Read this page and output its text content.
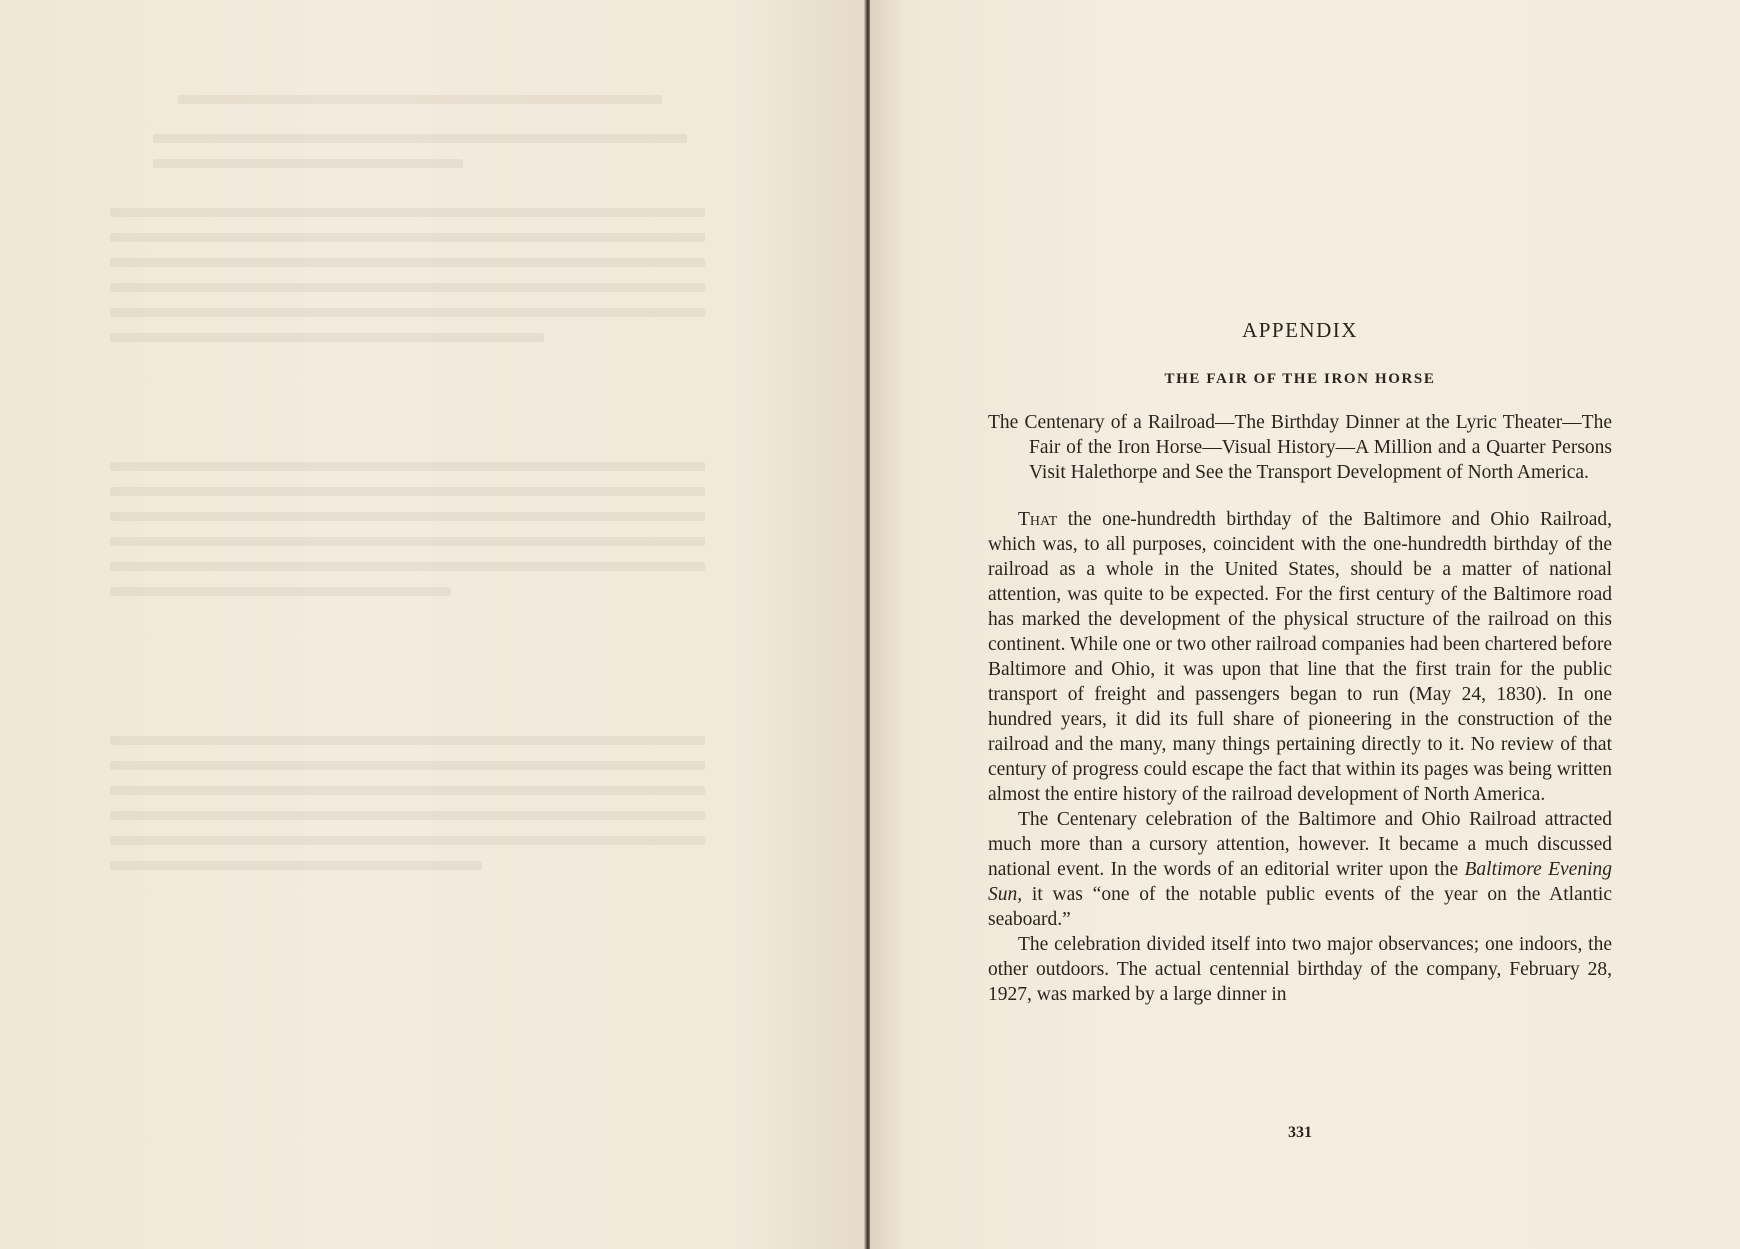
APPENDIX
THE FAIR OF THE IRON HORSE

The Centenary of a Railroad—The Birthday Dinner at the Lyric Theater—The Fair of the Iron Horse—Visual History—A Million and a Quarter Persons Visit Halethorpe and See the Transport Development of North America.

That the one-hundredth birthday of the Baltimore and Ohio Railroad, which was, to all purposes, coincident with the one-hundredth birthday of the railroad as a whole in the United States, should be a matter of national attention, was quite to be expected. For the first century of the Baltimore road has marked the development of the physical structure of the railroad on this continent. While one or two other railroad companies had been chartered before Baltimore and Ohio, it was upon that line that the first train for the public transport of freight and passengers began to run (May 24, 1830). In one hundred years, it did its full share of pioneering in the construction of the railroad and the many, many things pertaining directly to it. No review of that century of progress could escape the fact that within its pages was being written almost the entire history of the railroad development of North America.

The Centenary celebration of the Baltimore and Ohio Railroad attracted much more than a cursory attention, however. It became a much discussed national event. In the words of an editorial writer upon the Baltimore Evening Sun, it was “one of the notable public events of the year on the Atlantic seaboard.”

The celebration divided itself into two major observances; one indoors, the other outdoors. The actual centennial birthday of the company, February 28, 1927, was marked by a large dinner in

331
